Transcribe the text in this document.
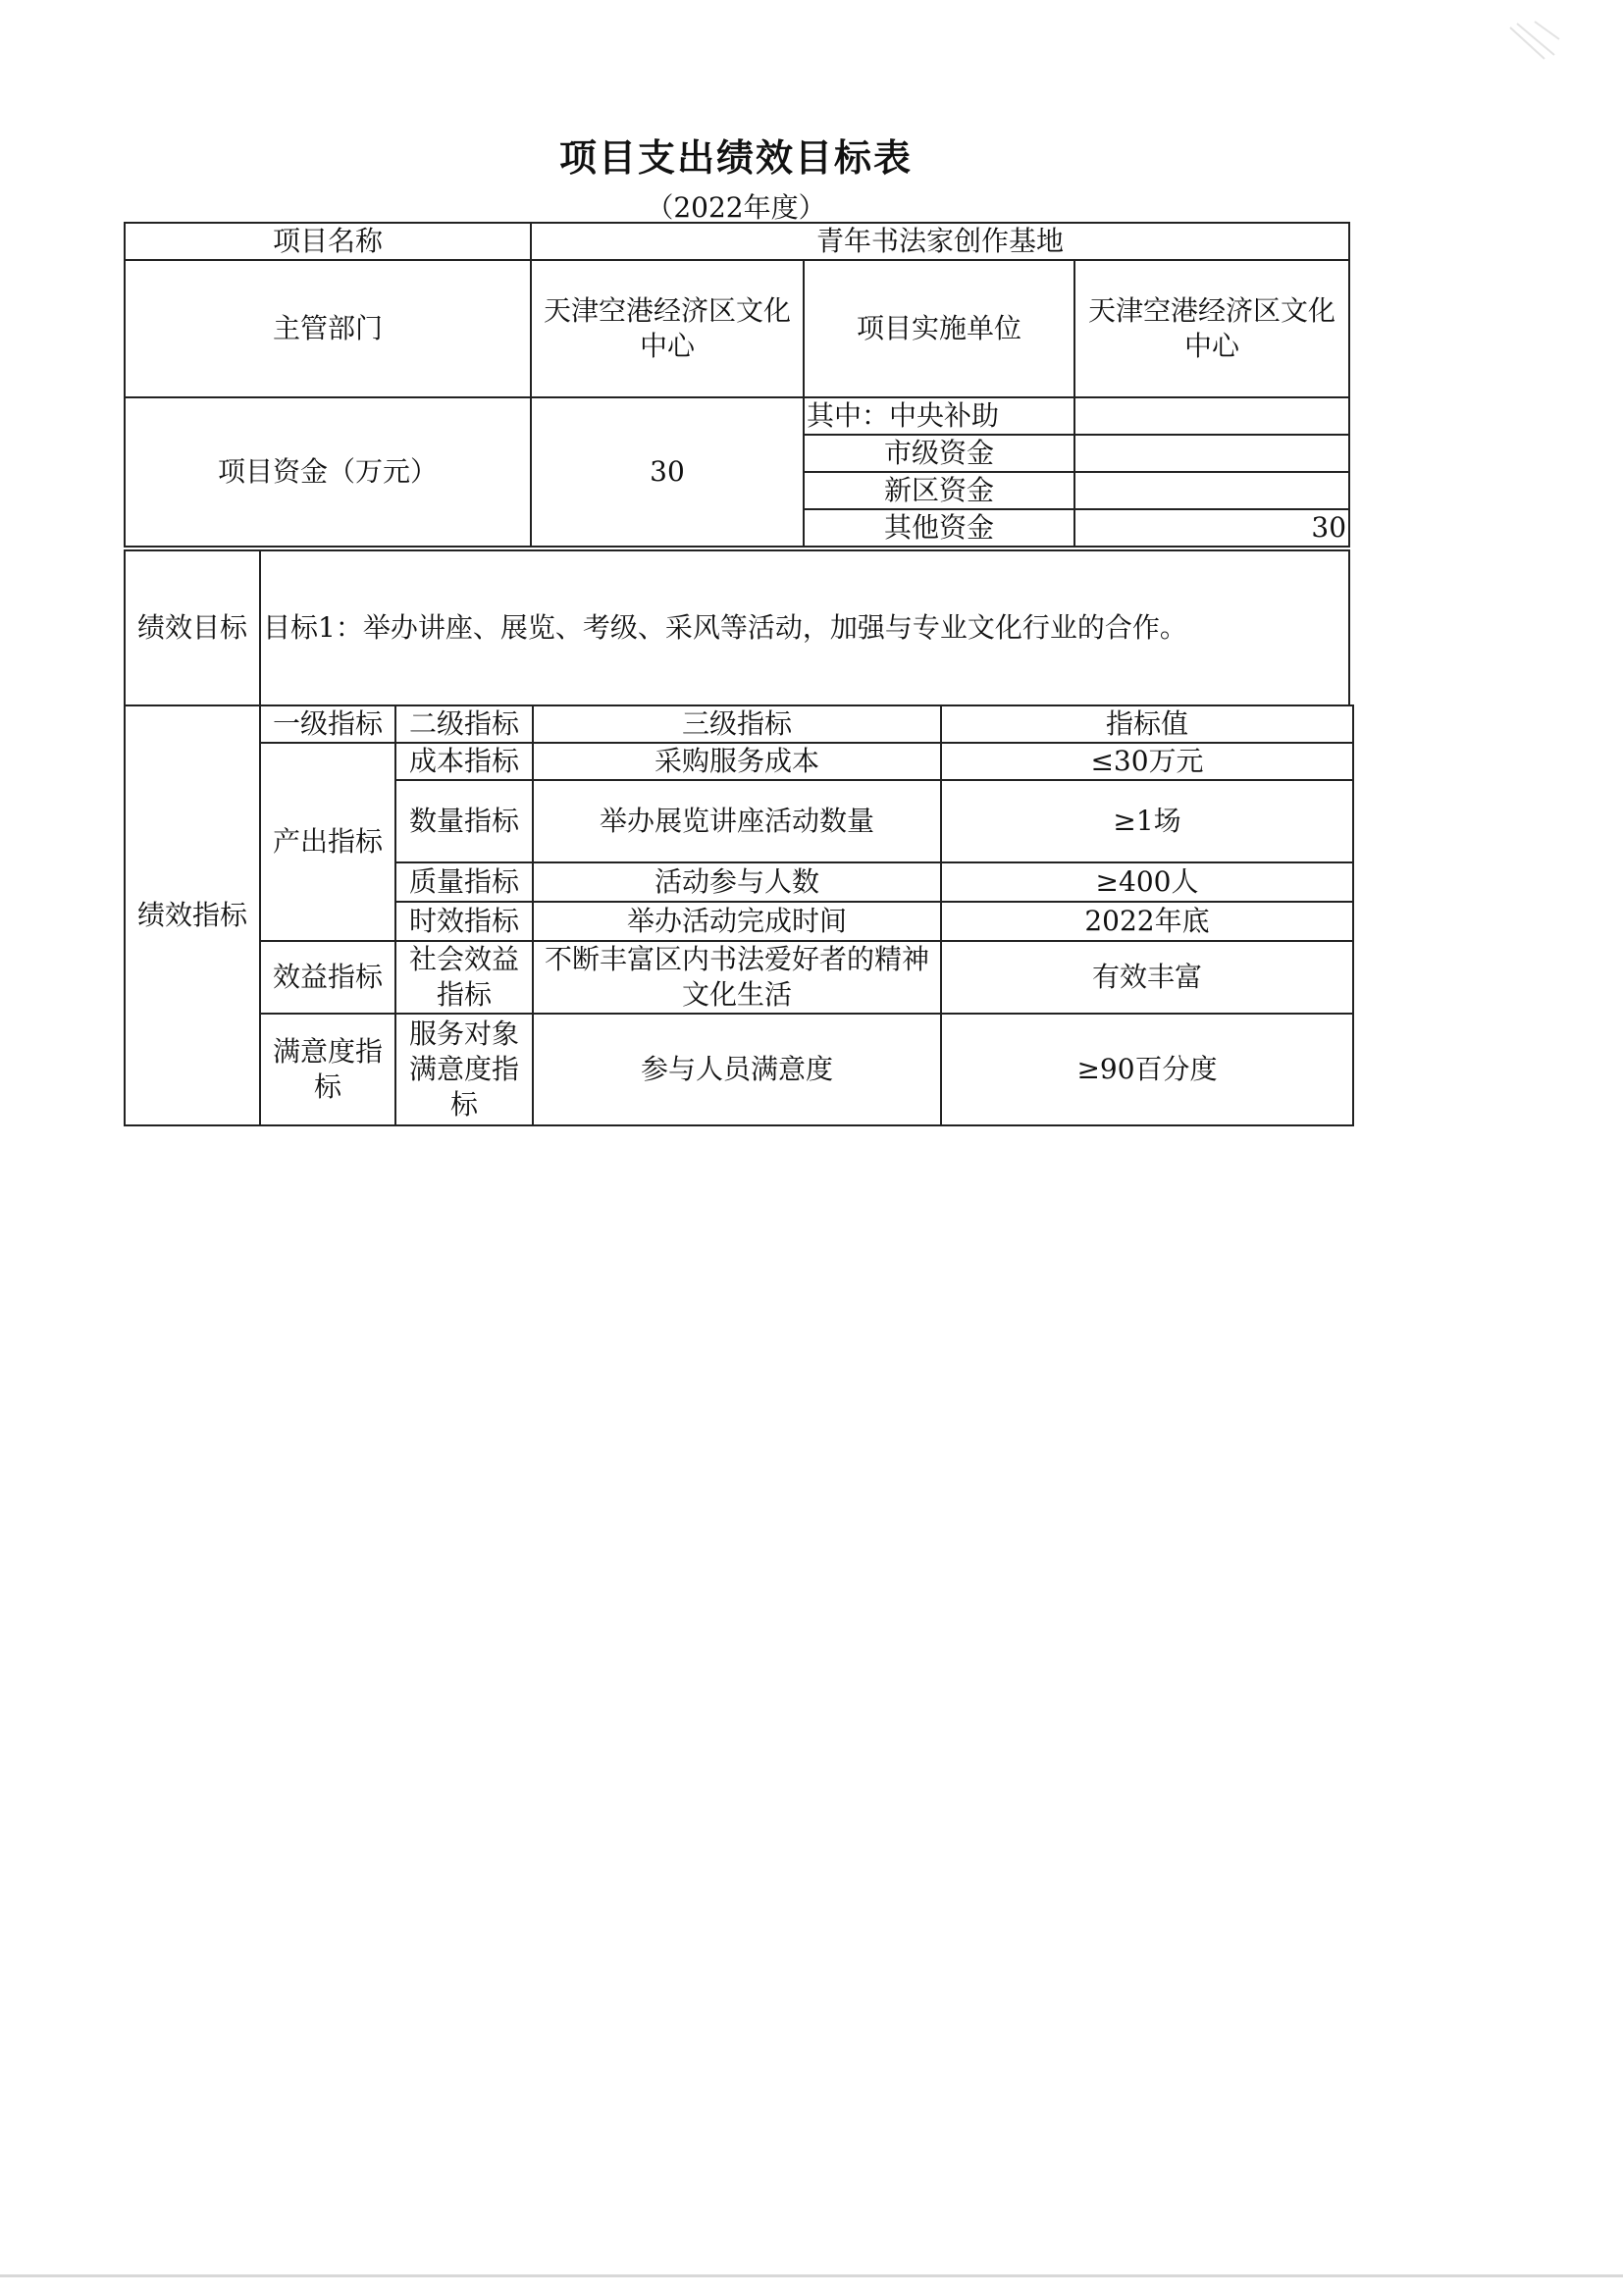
项目支出绩效目标表
（2022年度）
项目名称	青年书法家创作基地		
主管部门	天津空港经济区文化中心	项目实施单位	天津空港经济区文化中心
项目资金（万元）	30	其中：中央补助	
		市级资金	
		新区资金	
		其他资金	30
绩效目标	目标1：举办讲座、展览、考级、采风等活动，加强与专业文化行业的合作。
绩效指标	一级指标	二级指标	三级指标	指标值
	产出指标	成本指标	采购服务成本	≤30万元
		数量指标	举办展览讲座活动数量	≥1场
		质量指标	活动参与人数	≥400人
		时效指标	举办活动完成时间	2022年底
	效益指标	社会效益指标	不断丰富区内书法爱好者的精神文化生活	有效丰富
	满意度指标	服务对象满意度指标	参与人员满意度	≥90百分度
